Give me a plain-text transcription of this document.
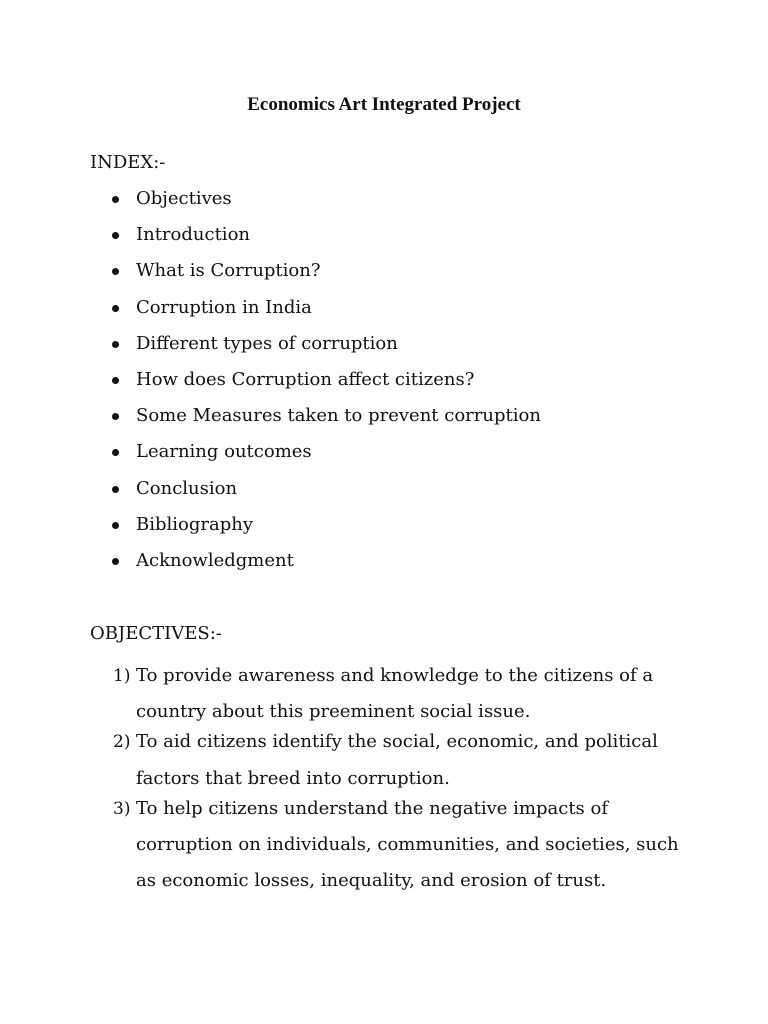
Economics Art Integrated Project
INDEX:-
Objectives
Introduction
What is Corruption?
Corruption in India
Different types of corruption
How does Corruption affect citizens?
Some Measures taken to prevent corruption
Learning outcomes
Conclusion
Bibliography
Acknowledgment
OBJECTIVES:-
1) To provide awareness and knowledge to the citizens of a country about this preeminent social issue.
2) To aid citizens identify the social, economic, and political factors that breed into corruption.
3) To help citizens understand the negative impacts of corruption on individuals, communities, and societies, such as economic losses, inequality, and erosion of trust.
